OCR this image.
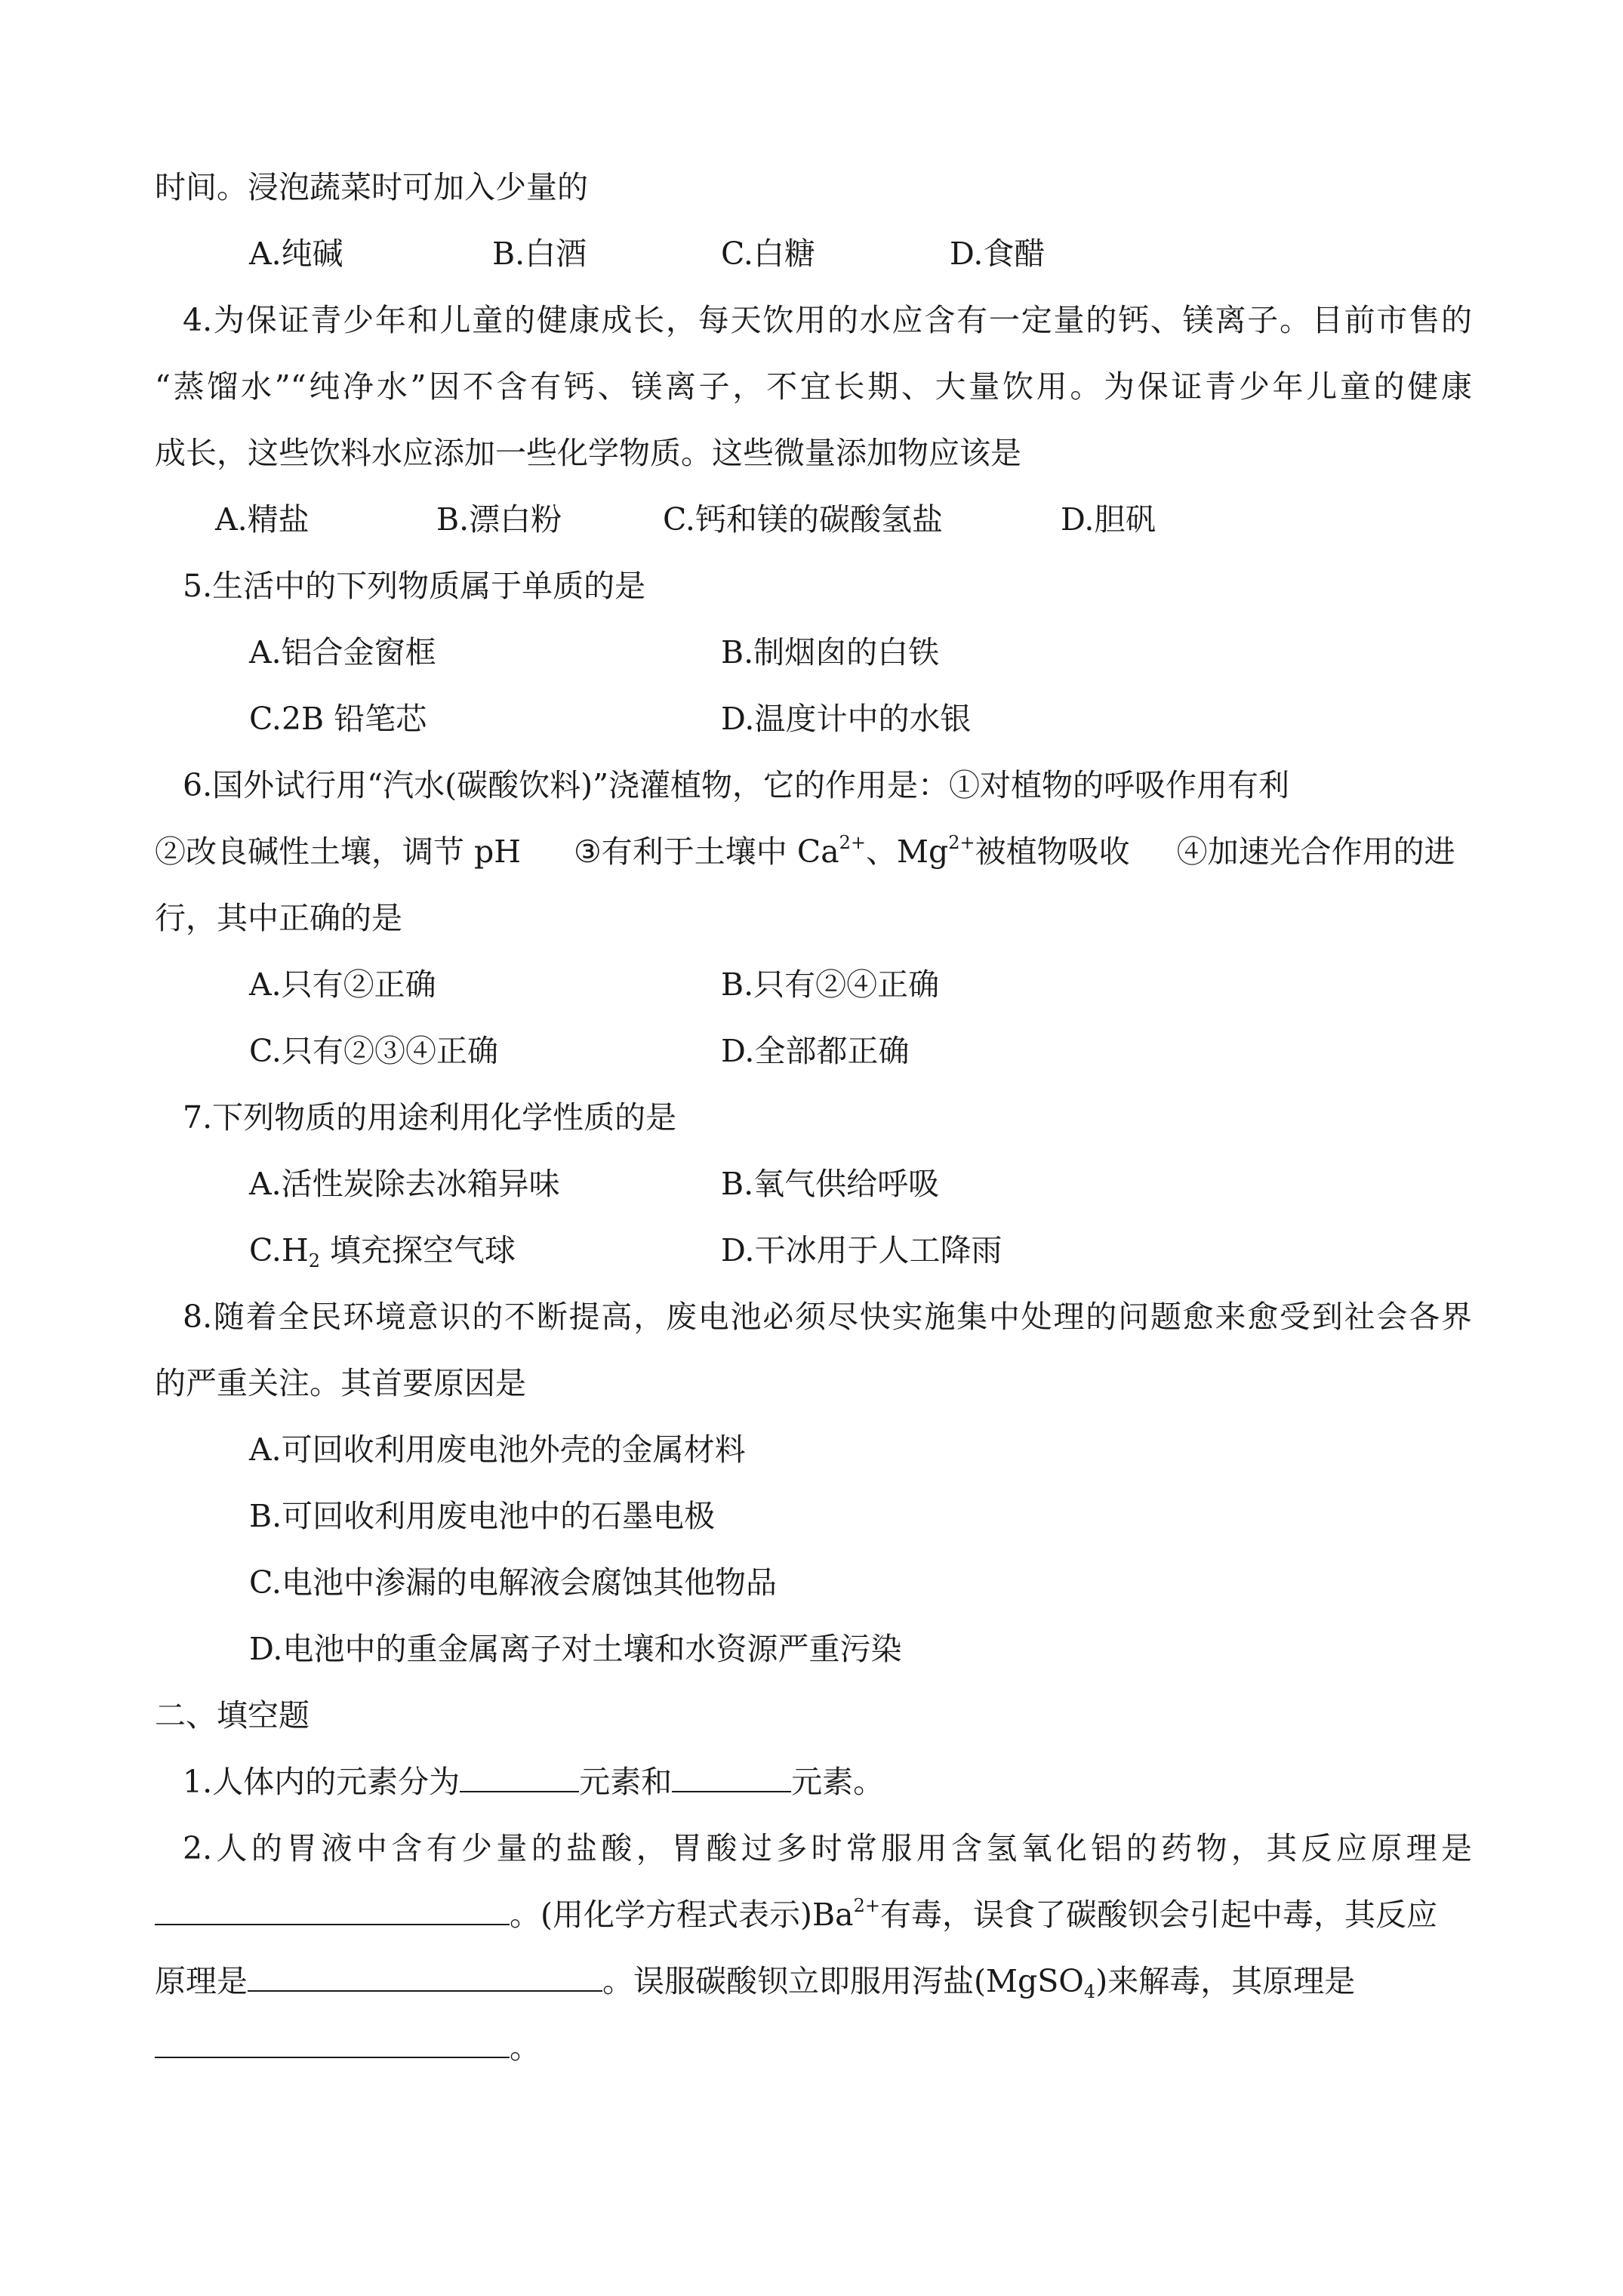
时间。浸泡蔬菜时可加入少量的
A.纯碱	B.白酒	C.白糖	D.食醋
4.为保证青少年和儿童的健康成长，每天饮用的水应含有一定量的钙、镁离子。目前市售的
“蒸馏水”“纯净水”因不含有钙、镁离子，不宜长期、大量饮用。为保证青少年儿童的健康
成长，这些饮料水应添加一些化学物质。这些微量添加物应该是
A.精盐	B.漂白粉	C.钙和镁的碳酸氢盐	D.胆矾
5.生活中的下列物质属于单质的是
A.铝合金窗框	B.制烟囱的白铁
C.2B 铅笔芯	D.温度计中的水银
6.国外试行用“汽水(碳酸饮料)”浇灌植物，它的作用是：①对植物的呼吸作用有利
②改良碱性土壤，调节 pH ③有利于土壤中 $Ca^{2+}$、$Mg^{2+}$被植物吸收 ④加速光合作用的进
行，其中正确的是
A.只有②正确	B.只有②④正确
C.只有②③④正确	D.全部都正确
7.下列物质的用途利用化学性质的是
A.活性炭除去冰箱异味	B.氧气供给呼吸
$C.H_2$ 填充探空气球	D.干冰用于人工降雨
8.随着全民环境意识的不断提高，废电池必须尽快实施集中处理的问题愈来愈受到社会各界
的严重关注。其首要原因是
A.可回收利用废电池外壳的金属材料
B.可回收利用废电池中的石墨电极
C.电池中渗漏的电解液会腐蚀其他物品
D.电池中的重金属离子对土壤和水资源严重污染
二、填空题
1.人体内的元素分为	元素和	元素。
2.人的胃液中含有少量的盐酸，胃酸过多时常服用含氢氧化铝的药物，其反应原理是
。(用化学方程式表示)$Ba^{2+}$有毒，误食了碳酸钡会引起中毒，其反应
原理是	。误服碳酸钡立即服用泻盐(MgSO$_4$)来解毒，其原理是
。
